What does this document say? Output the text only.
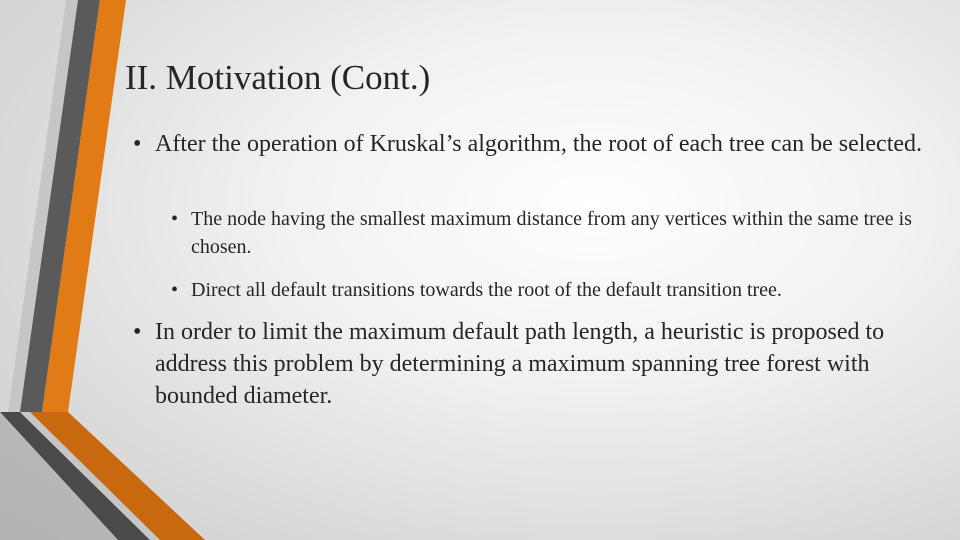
II. Motivation (Cont.)

• After the operation of Kruskal’s algorithm, the root of each tree can be selected.

• The node having the smallest maximum distance from any vertices within the same tree is chosen.

• Direct all default transitions towards the root of the default transition tree.

• In order to limit the maximum default path length, a heuristic is proposed to address this problem by determining a maximum spanning tree forest with bounded diameter.
